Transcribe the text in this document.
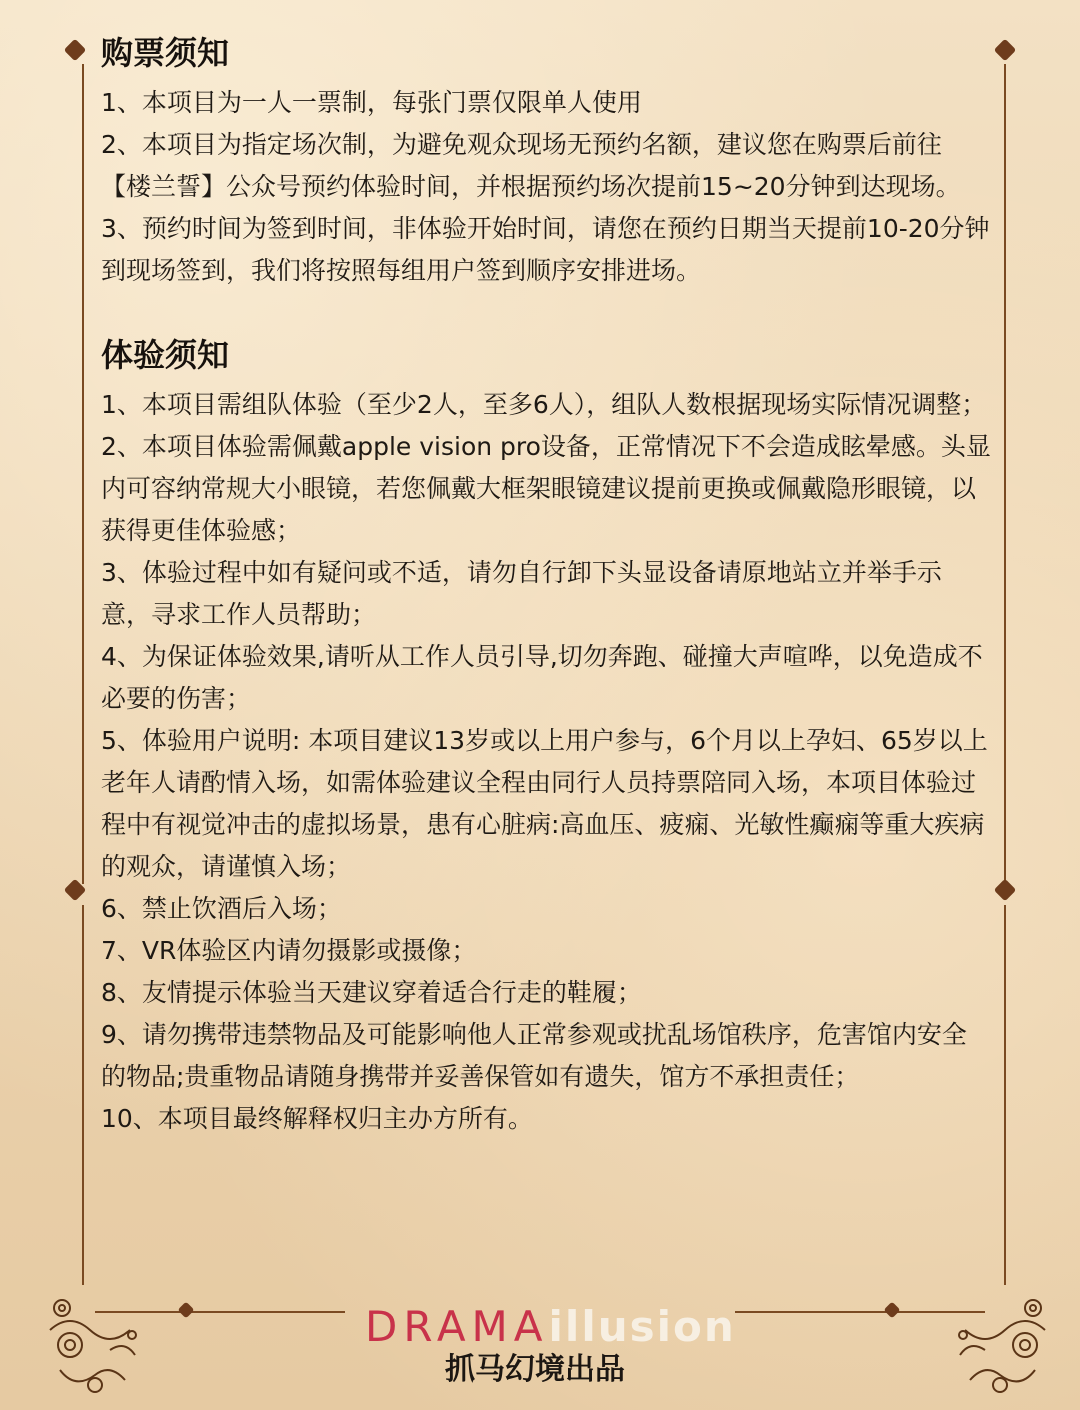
购票须知

1、本项目为一人一票制，每张门票仅限单人使用

2、本项目为指定场次制，为避免观众现场无预约名额，建议您在购票后前往【楼兰誓】公众号预约体验时间，并根据预约场次提前15~20分钟到达现场。

3、预约时间为签到时间，非体验开始时间，请您在预约日期当天提前10-20分钟到现场签到，我们将按照每组用户签到顺序安排进场。

体验须知

1、本项目需组队体验（至少2人，至多6人），组队人数根据现场实际情况调整；

2、本项目体验需佩戴apple vision pro设备，正常情况下不会造成眩晕感。头显内可容纳常规大小眼镜，若您佩戴大框架眼镜建议提前更换或佩戴隐形眼镜，以获得更佳体验感；

3、体验过程中如有疑问或不适，请勿自行卸下头显设备请原地站立并举手示意，寻求工作人员帮助；

4、为保证体验效果,请听从工作人员引导,切勿奔跑、碰撞大声喧哗，以免造成不必要的伤害；

5、体验用户说明: 本项目建议13岁或以上用户参与，6个月以上孕妇、65岁以上老年人请酌情入场，如需体验建议全程由同行人员持票陪同入场，本项目体验过程中有视觉冲击的虚拟场景，患有心脏病:高血压、疲痫、光敏性癫痫等重大疾病的观众，请谨慎入场；

6、禁止饮酒后入场；

7、VR体验区内请勿摄影或摄像；

8、友情提示体验当天建议穿着适合行走的鞋履；

9、请勿携带违禁物品及可能影响他人正常参观或扰乱场馆秩序，危害馆内安全的物品;贵重物品请随身携带并妥善保管如有遗失，馆方不承担责任；

10、本项目最终解释权归主办方所有。

DRAMAillusion
抓马幻境出品
